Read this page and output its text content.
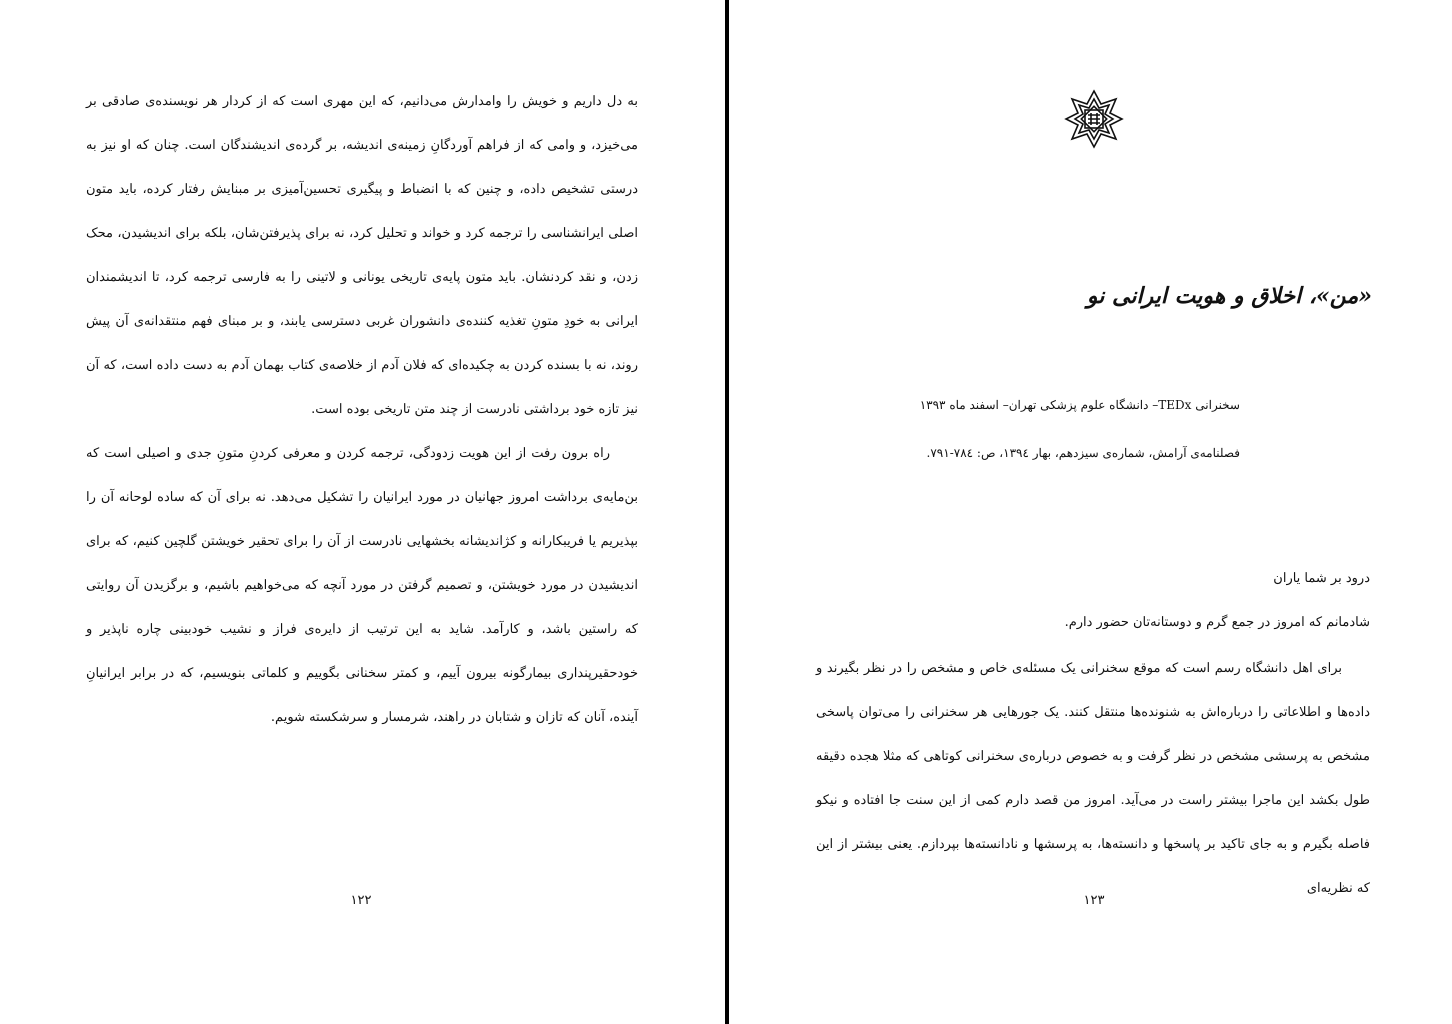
به دل داریم و خویش را وامدارش می‌دانیم، که این مهری است که از کردار هر نویسنده‌ی صادقی بر می‌خیزد، و وامی که از فراهم آوردگانِ زمینه‌ی اندیشه، بر گرده‌ی اندیشندگان است. چنان که او نیز به درستی تشخیص داده، و چنین که با انضباط و پیگیری تحسین‌آمیزی بر مبنایش رفتار کرده، باید متون اصلی ایرانشناسی را ترجمه کرد و خواند و تحلیل کرد، نه برای پذیرفتن‌شان، بلکه برای اندیشیدن، محک زدن، و نقد کردنشان. باید متون پایه‌ی تاریخی یونانی و لاتینی را به فارسی ترجمه کرد، تا اندیشمندان ایرانی به خودِ متونِ تغذیه کننده‌ی دانشوران غربی دسترسی یابند، و بر مبنای فهم منتقدانه‌ی آن پیش روند، نه با بسنده کردن به چکیده‌ای که فلان آدم از خلاصه‌ی کتاب بهمان آدم به دست داده است، که آن نیز تازه خود برداشتی نادرست از چند متن تاریخی بوده است.

راه برون رفت از این هویت زدودگی، ترجمه کردن و معرفی کردنِ متونِ جدی و اصیلی است که بن‌مایه‌ی برداشت امروز جهانیان در مورد ایرانیان را تشکیل می‌دهد. نه برای آن که ساده لوحانه آن را بپذیریم یا فریبکارانه و کژاندیشانه بخشهایی نادرست از آن را برای تحقیر خویشتن گلچین کنیم، که برای اندیشیدن در مورد خویشتن، و تصمیم گرفتن در مورد آنچه که می‌خواهیم باشیم، و برگزیدن آن روایتی که راستین باشد، و کارآمد. شاید به این ترتیب از دایره‌ی فراز و نشیب خودبینی چاره ناپذیر و خودحقیرپنداری بیمارگونه بیرون آییم، و کمتر سخنانی بگوییم و کلماتی بنویسیم، که در برابر ایرانیانِ آینده، آنان که تازان و شتابان در راهند، شرمسار و سرشکسته شویم.

۱۲۲
«من»، اخلاق و هویت ایرانی نو
سخنرانی TEDx– دانشگاه علوم پزشکی تهران– اسفند ماه ۱۳۹۳
فصلنامه‌ی آرامش، شماره‌ی سیزدهم، بهار ۱۳۹٤، ص: ۷۸٤-۷۹۱.

درود بر شما یاران

شادمانم که امروز در جمع گرم و دوستانه‌تان حضور دارم.

برای اهل دانشگاه رسم است که موقع سخنرانی یک مسئله‌ی خاص و مشخص را در نظر بگیرند و داده‌ها و اطلاعاتی را درباره‌اش به شنونده‌ها منتقل کنند. یک جورهایی هر سخنرانی را می‌توان پاسخی مشخص به پرسشی مشخص در نظر گرفت و به خصوص درباره‌ی سخنرانی کوتاهی که مثلا هجده دقیقه طول بکشد این ماجرا بیشتر راست در می‌آید. امروز من قصد دارم کمی از این سنت جا افتاده و نیکو فاصله بگیرم و به جای تاکید بر پاسخها و دانسته‌ها، به پرسشها و نادانسته‌ها بپردازم. یعنی بیشتر از این که نظریه‌ای

۱۲۳
